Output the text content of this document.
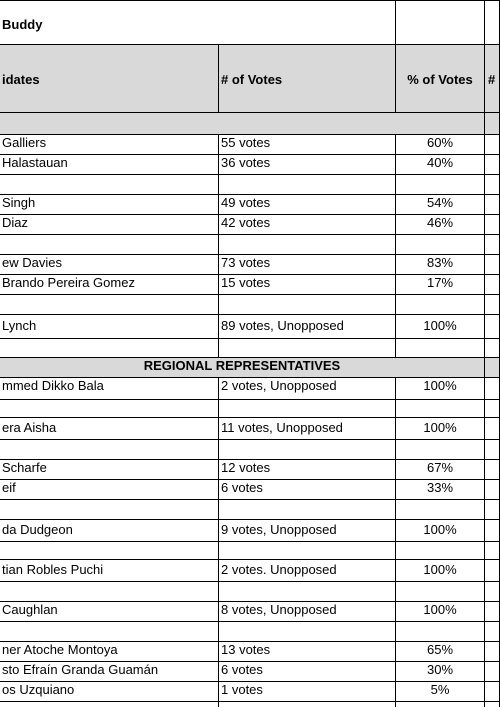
Buddy
idates	# of Votes	% of Votes	#
Galliers	55 votes	60%
Halastauan	36 votes	40%
Singh	49 votes	54%
Diaz	42 votes	46%
ew Davies	73 votes	83%
Brando Pereira Gomez	15 votes	17%
Lynch	89 votes, Unopposed	100%
REGIONAL REPRESENTATIVES
mmed Dikko Bala	2 votes, Unopposed	100%
era Aisha	11 votes, Unopposed	100%
Scharfe	12 votes	67%
eif	6 votes	33%
da Dudgeon	9 votes, Unopposed	100%
tian Robles Puchi	2 votes. Unopposed	100%
Caughlan	8 votes, Unopposed	100%
ner Atoche Montoya	13 votes	65%
sto Efraín Granda Guamán	6 votes	30%
os Uzquiano	1 votes	5%
